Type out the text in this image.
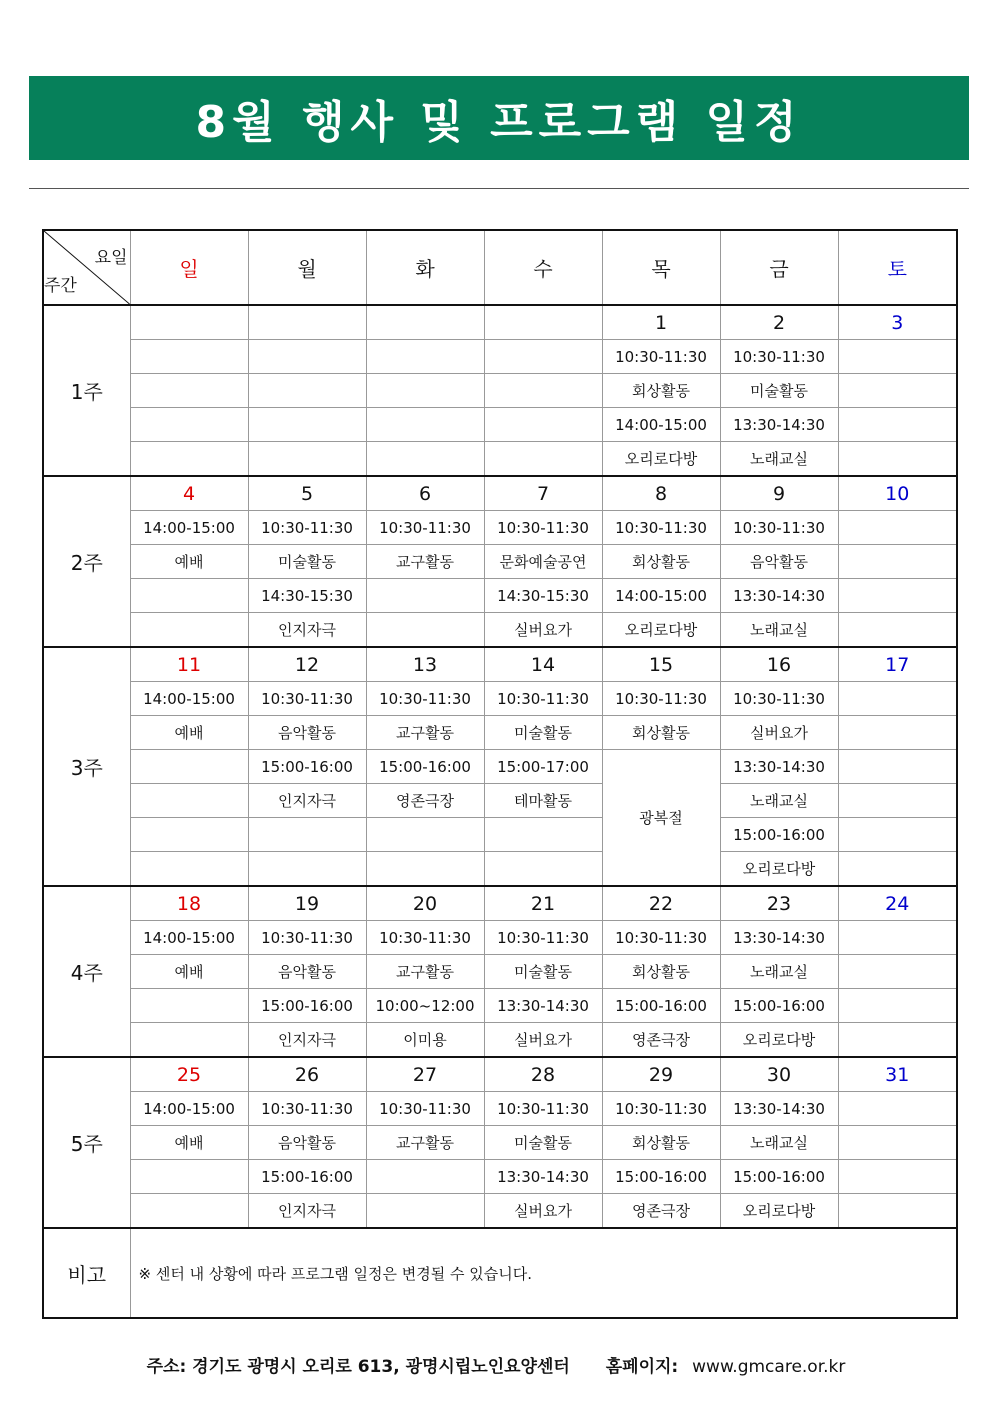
8월 행사 및 프로그램 일정
요일
주간	일	월	화	수	목	금	토
1주					1	2	3
					10:30-11:30	10:30-11:30	
					회상활동	미술활동	
					14:00-15:00	13:30-14:30	
					오리로다방	노래교실	
2주	4	5	6	7	8	9	10
	14:00-15:00	10:30-11:30	10:30-11:30	10:30-11:30	10:30-11:30	10:30-11:30	
	예배	미술활동	교구활동	문화예술공연	회상활동	음악활동	
		14:30-15:30		14:30-15:30	14:00-15:00	13:30-14:30	
		인지자극		실버요가	오리로다방	노래교실	
3주	11	12	13	14	15	16	17
	14:00-15:00	10:30-11:30	10:30-11:30	10:30-11:30	10:30-11:30	10:30-11:30	
	예배	음악활동	교구활동	미술활동	회상활동	실버요가	
		15:00-16:00	15:00-16:00	15:00-17:00	광복절	13:30-14:30	
		인지자극	영존극장	테마활동		노래교실	
						15:00-16:00	
						오리로다방	
4주	18	19	20	21	22	23	24
	14:00-15:00	10:30-11:30	10:30-11:30	10:30-11:30	10:30-11:30	13:30-14:30	
	예배	음악활동	교구활동	미술활동	회상활동	노래교실	
		15:00-16:00	10:00~12:00	13:30-14:30	15:00-16:00	15:00-16:00	
		인지자극	이미용	실버요가	영존극장	오리로다방	
5주	25	26	27	28	29	30	31
	14:00-15:00	10:30-11:30	10:30-11:30	10:30-11:30	10:30-11:30	13:30-14:30	
	예배	음악활동	교구활동	미술활동	회상활동	노래교실	
		15:00-16:00		13:30-14:30	15:00-16:00	15:00-16:00	
		인지자극		실버요가	영존극장	오리로다방	
비고	※ 센터 내 상황에 따라 프로그램 일정은 변경될 수 있습니다.						
주소: 경기도 광명시 오리로 613, 광명시립노인요양센터 홈페이지: www.gmcare.or.kr
